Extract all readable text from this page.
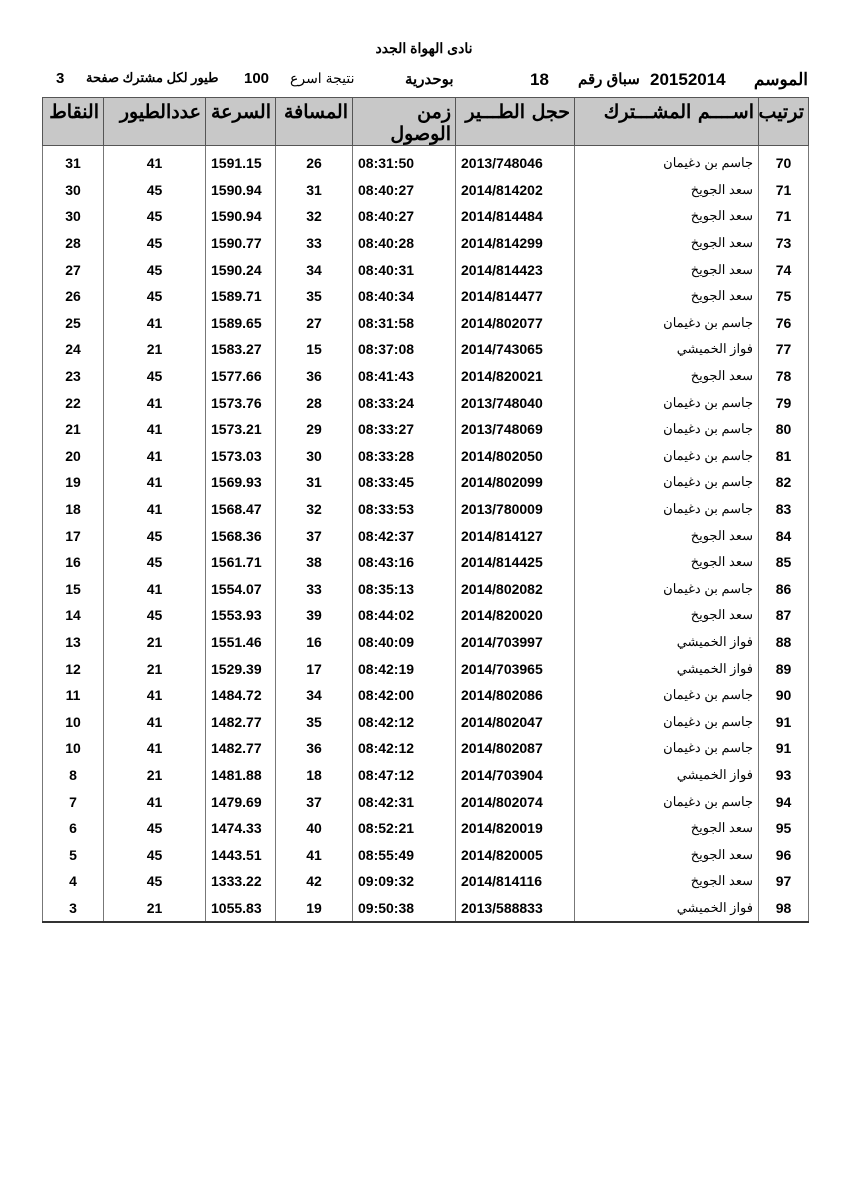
نادى الهواة الجدد
الموسم
20152014
سباق رقم
18
بوحدرية
نتيجة اسرع
100
طيور لكل مشترك صفحة
3
ترتيب	اســــم المشـــترك	حجل الطـــير	زمن الوصول	المسافة	السرعة	عددالطيور	النقاط
70	جاسم بن دغيمان	2013/748046	08:31:50	26	1591.15	41	31
71	سعد الجويخ	2014/814202	08:40:27	31	1590.94	45	30
71	سعد الجويخ	2014/814484	08:40:27	32	1590.94	45	30
73	سعد الجويخ	2014/814299	08:40:28	33	1590.77	45	28
74	سعد الجويخ	2014/814423	08:40:31	34	1590.24	45	27
75	سعد الجويخ	2014/814477	08:40:34	35	1589.71	45	26
76	جاسم بن دغيمان	2014/802077	08:31:58	27	1589.65	41	25
77	فواز الخميشي	2014/743065	08:37:08	15	1583.27	21	24
78	سعد الجويخ	2014/820021	08:41:43	36	1577.66	45	23
79	جاسم بن دغيمان	2013/748040	08:33:24	28	1573.76	41	22
80	جاسم بن دغيمان	2013/748069	08:33:27	29	1573.21	41	21
81	جاسم بن دغيمان	2014/802050	08:33:28	30	1573.03	41	20
82	جاسم بن دغيمان	2014/802099	08:33:45	31	1569.93	41	19
83	جاسم بن دغيمان	2013/780009	08:33:53	32	1568.47	41	18
84	سعد الجويخ	2014/814127	08:42:37	37	1568.36	45	17
85	سعد الجويخ	2014/814425	08:43:16	38	1561.71	45	16
86	جاسم بن دغيمان	2014/802082	08:35:13	33	1554.07	41	15
87	سعد الجويخ	2014/820020	08:44:02	39	1553.93	45	14
88	فواز الخميشي	2014/703997	08:40:09	16	1551.46	21	13
89	فواز الخميشي	2014/703965	08:42:19	17	1529.39	21	12
90	جاسم بن دغيمان	2014/802086	08:42:00	34	1484.72	41	11
91	جاسم بن دغيمان	2014/802047	08:42:12	35	1482.77	41	10
91	جاسم بن دغيمان	2014/802087	08:42:12	36	1482.77	41	10
93	فواز الخميشي	2014/703904	08:47:12	18	1481.88	21	8
94	جاسم بن دغيمان	2014/802074	08:42:31	37	1479.69	41	7
95	سعد الجويخ	2014/820019	08:52:21	40	1474.33	45	6
96	سعد الجويخ	2014/820005	08:55:49	41	1443.51	45	5
97	سعد الجويخ	2014/814116	09:09:32	42	1333.22	45	4
98	فواز الخميشي	2013/588833	09:50:38	19	1055.83	21	3
